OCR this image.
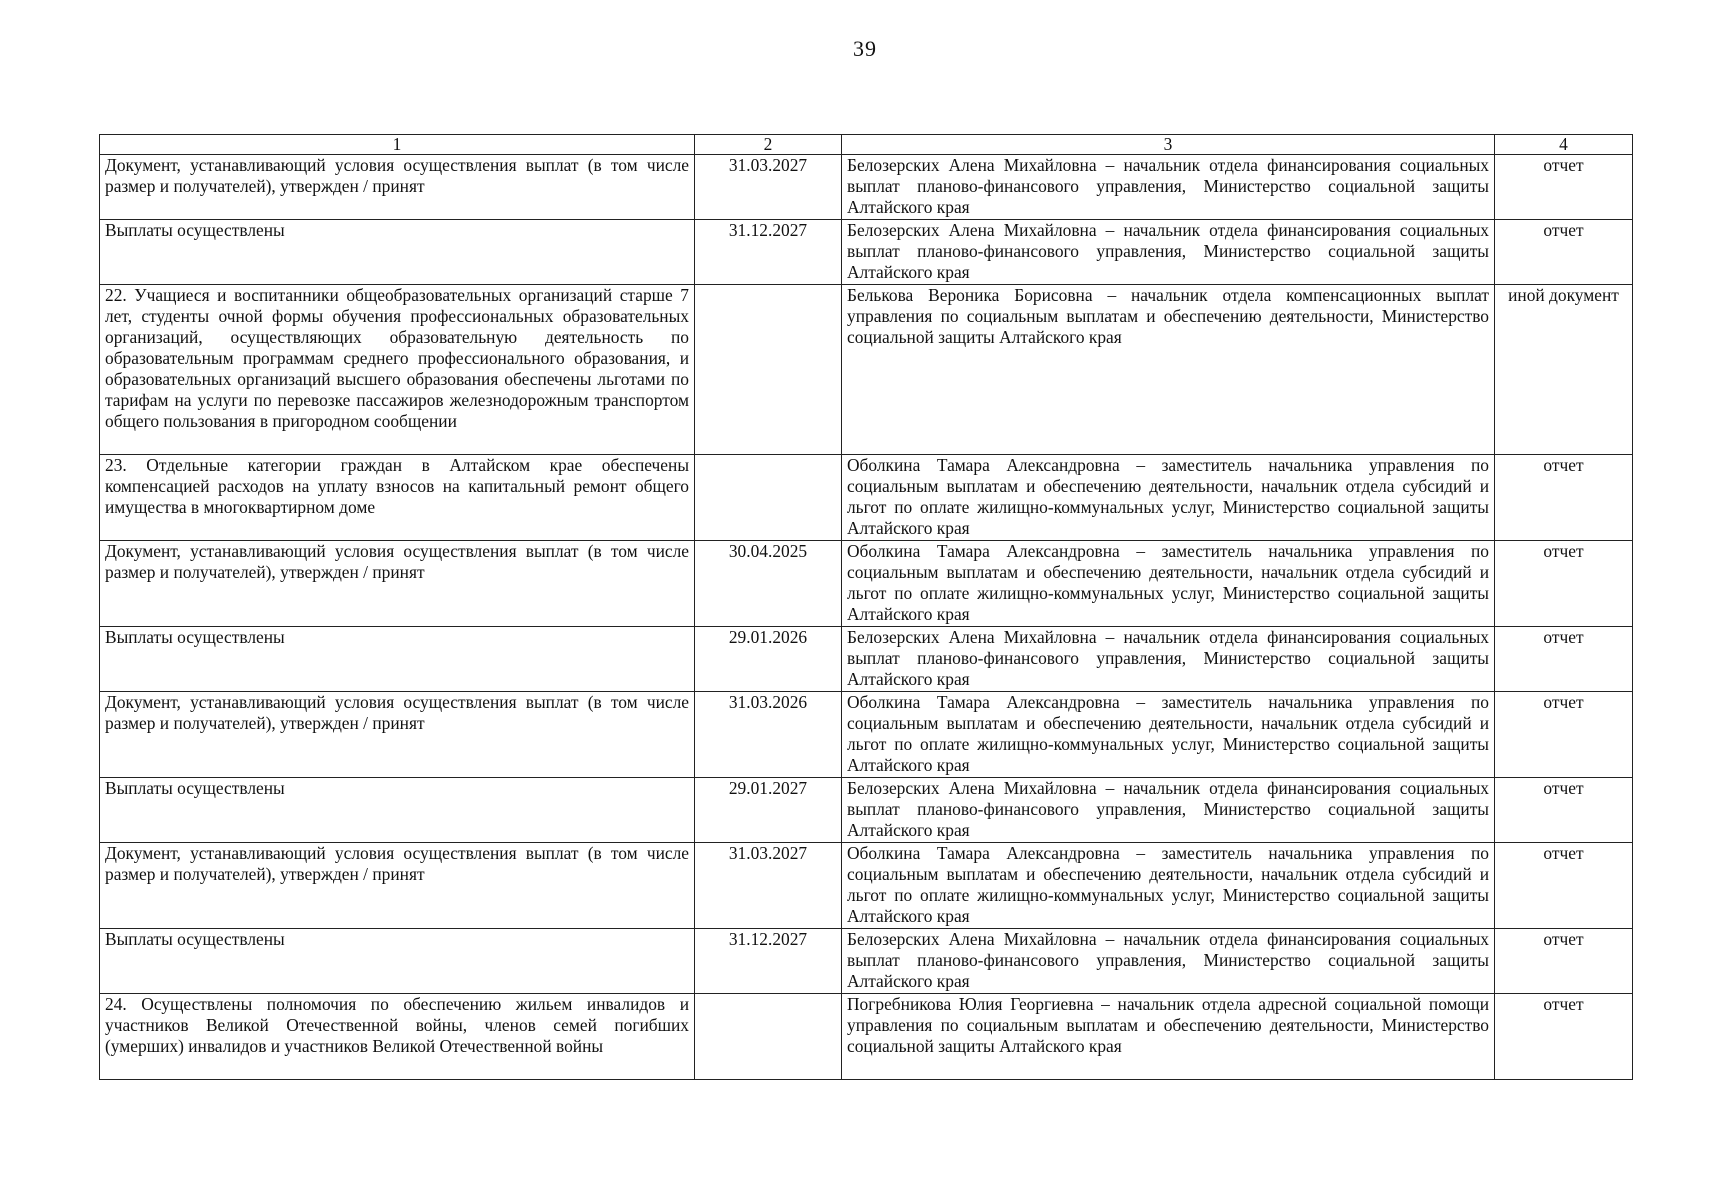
39
1	2	3	4
Документ, устанавливающий условия осуществления выплат (в том числе размер и получателей), утвержден / принят	31.03.2027	Белозерских Алена Михайловна – начальник отдела финансирования социальных выплат планово-финансового управления, Министерство социальной защиты Алтайского края	отчет
Выплаты осуществлены	31.12.2027	Белозерских Алена Михайловна – начальник отдела финансирования социальных выплат планово-финансового управления, Министерство социальной защиты Алтайского края	отчет
22. Учащиеся и воспитанники общеобразовательных организаций старше 7 лет, студенты очной формы обучения профессиональных образовательных организаций, осуществляющих образовательную деятельность по образовательным программам среднего профессионального образования, и образовательных организаций высшего образования обеспечены льготами по тарифам на услуги по перевозке пассажиров железнодорожным транспортом общего пользования в пригородном сообщении		Белькова Вероника Борисовна – начальник отдела компенсационных выплат управления по социальным выплатам и обеспечению деятельности, Министерство социальной защиты Алтайского края	иной документ
23. Отдельные категории граждан в Алтайском крае обеспечены компенсацией расходов на уплату взносов на капитальный ремонт общего имущества в многоквартирном доме		Оболкина Тамара Александровна – заместитель начальника управления по социальным выплатам и обеспечению деятельности, начальник отдела субсидий и льгот по оплате жилищно-коммунальных услуг, Министерство социальной защиты Алтайского края	отчет
Документ, устанавливающий условия осуществления выплат (в том числе размер и получателей), утвержден / принят	30.04.2025	Оболкина Тамара Александровна – заместитель начальника управления по социальным выплатам и обеспечению деятельности, начальник отдела субсидий и льгот по оплате жилищно-коммунальных услуг, Министерство социальной защиты Алтайского края	отчет
Выплаты осуществлены	29.01.2026	Белозерских Алена Михайловна – начальник отдела финансирования социальных выплат планово-финансового управления, Министерство социальной защиты Алтайского края	отчет
Документ, устанавливающий условия осуществления выплат (в том числе размер и получателей), утвержден / принят	31.03.2026	Оболкина Тамара Александровна – заместитель начальника управления по социальным выплатам и обеспечению деятельности, начальник отдела субсидий и льгот по оплате жилищно-коммунальных услуг, Министерство социальной защиты Алтайского края	отчет
Выплаты осуществлены	29.01.2027	Белозерских Алена Михайловна – начальник отдела финансирования социальных выплат планово-финансового управления, Министерство социальной защиты Алтайского края	отчет
Документ, устанавливающий условия осуществления выплат (в том числе размер и получателей), утвержден / принят	31.03.2027	Оболкина Тамара Александровна – заместитель начальника управления по социальным выплатам и обеспечению деятельности, начальник отдела субсидий и льгот по оплате жилищно-коммунальных услуг, Министерство социальной защиты Алтайского края	отчет
Выплаты осуществлены	31.12.2027	Белозерских Алена Михайловна – начальник отдела финансирования социальных выплат планово-финансового управления, Министерство социальной защиты Алтайского края	отчет
24. Осуществлены полномочия по обеспечению жильем инвалидов и участников Великой Отечественной войны, членов семей погибших (умерших) инвалидов и участников Великой Отечественной войны		Погребникова Юлия Георгиевна – начальник отдела адресной социальной помощи управления по социальным выплатам и обеспечению деятельности, Министерство социальной защиты Алтайского края	отчет
